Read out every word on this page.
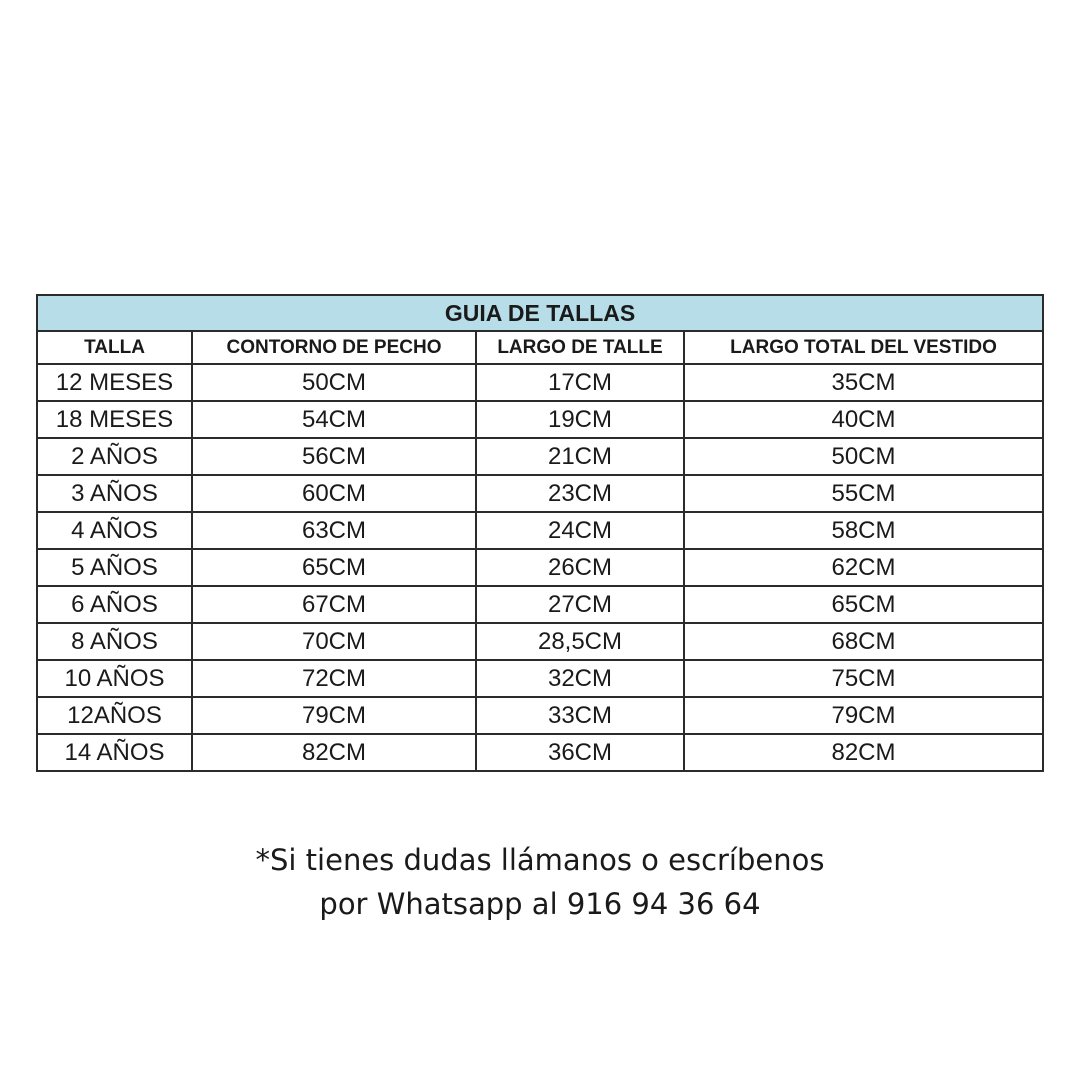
GUIA DE TALLAS			
TALLA	CONTORNO DE PECHO	LARGO DE TALLE	LARGO TOTAL DEL VESTIDO
12 MESES	50CM	17CM	35CM
18 MESES	54CM	19CM	40CM
2 AÑOS	56CM	21CM	50CM
3 AÑOS	60CM	23CM	55CM
4 AÑOS	63CM	24CM	58CM
5 AÑOS	65CM	26CM	62CM
6 AÑOS	67CM	27CM	65CM
8 AÑOS	70CM	28,5CM	68CM
10 AÑOS	72CM	32CM	75CM
12AÑOS	79CM	33CM	79CM
14 AÑOS	82CM	36CM	82CM
*Si tienes dudas llámanos o escríbenos
por Whatsapp al 916 94 36 64
